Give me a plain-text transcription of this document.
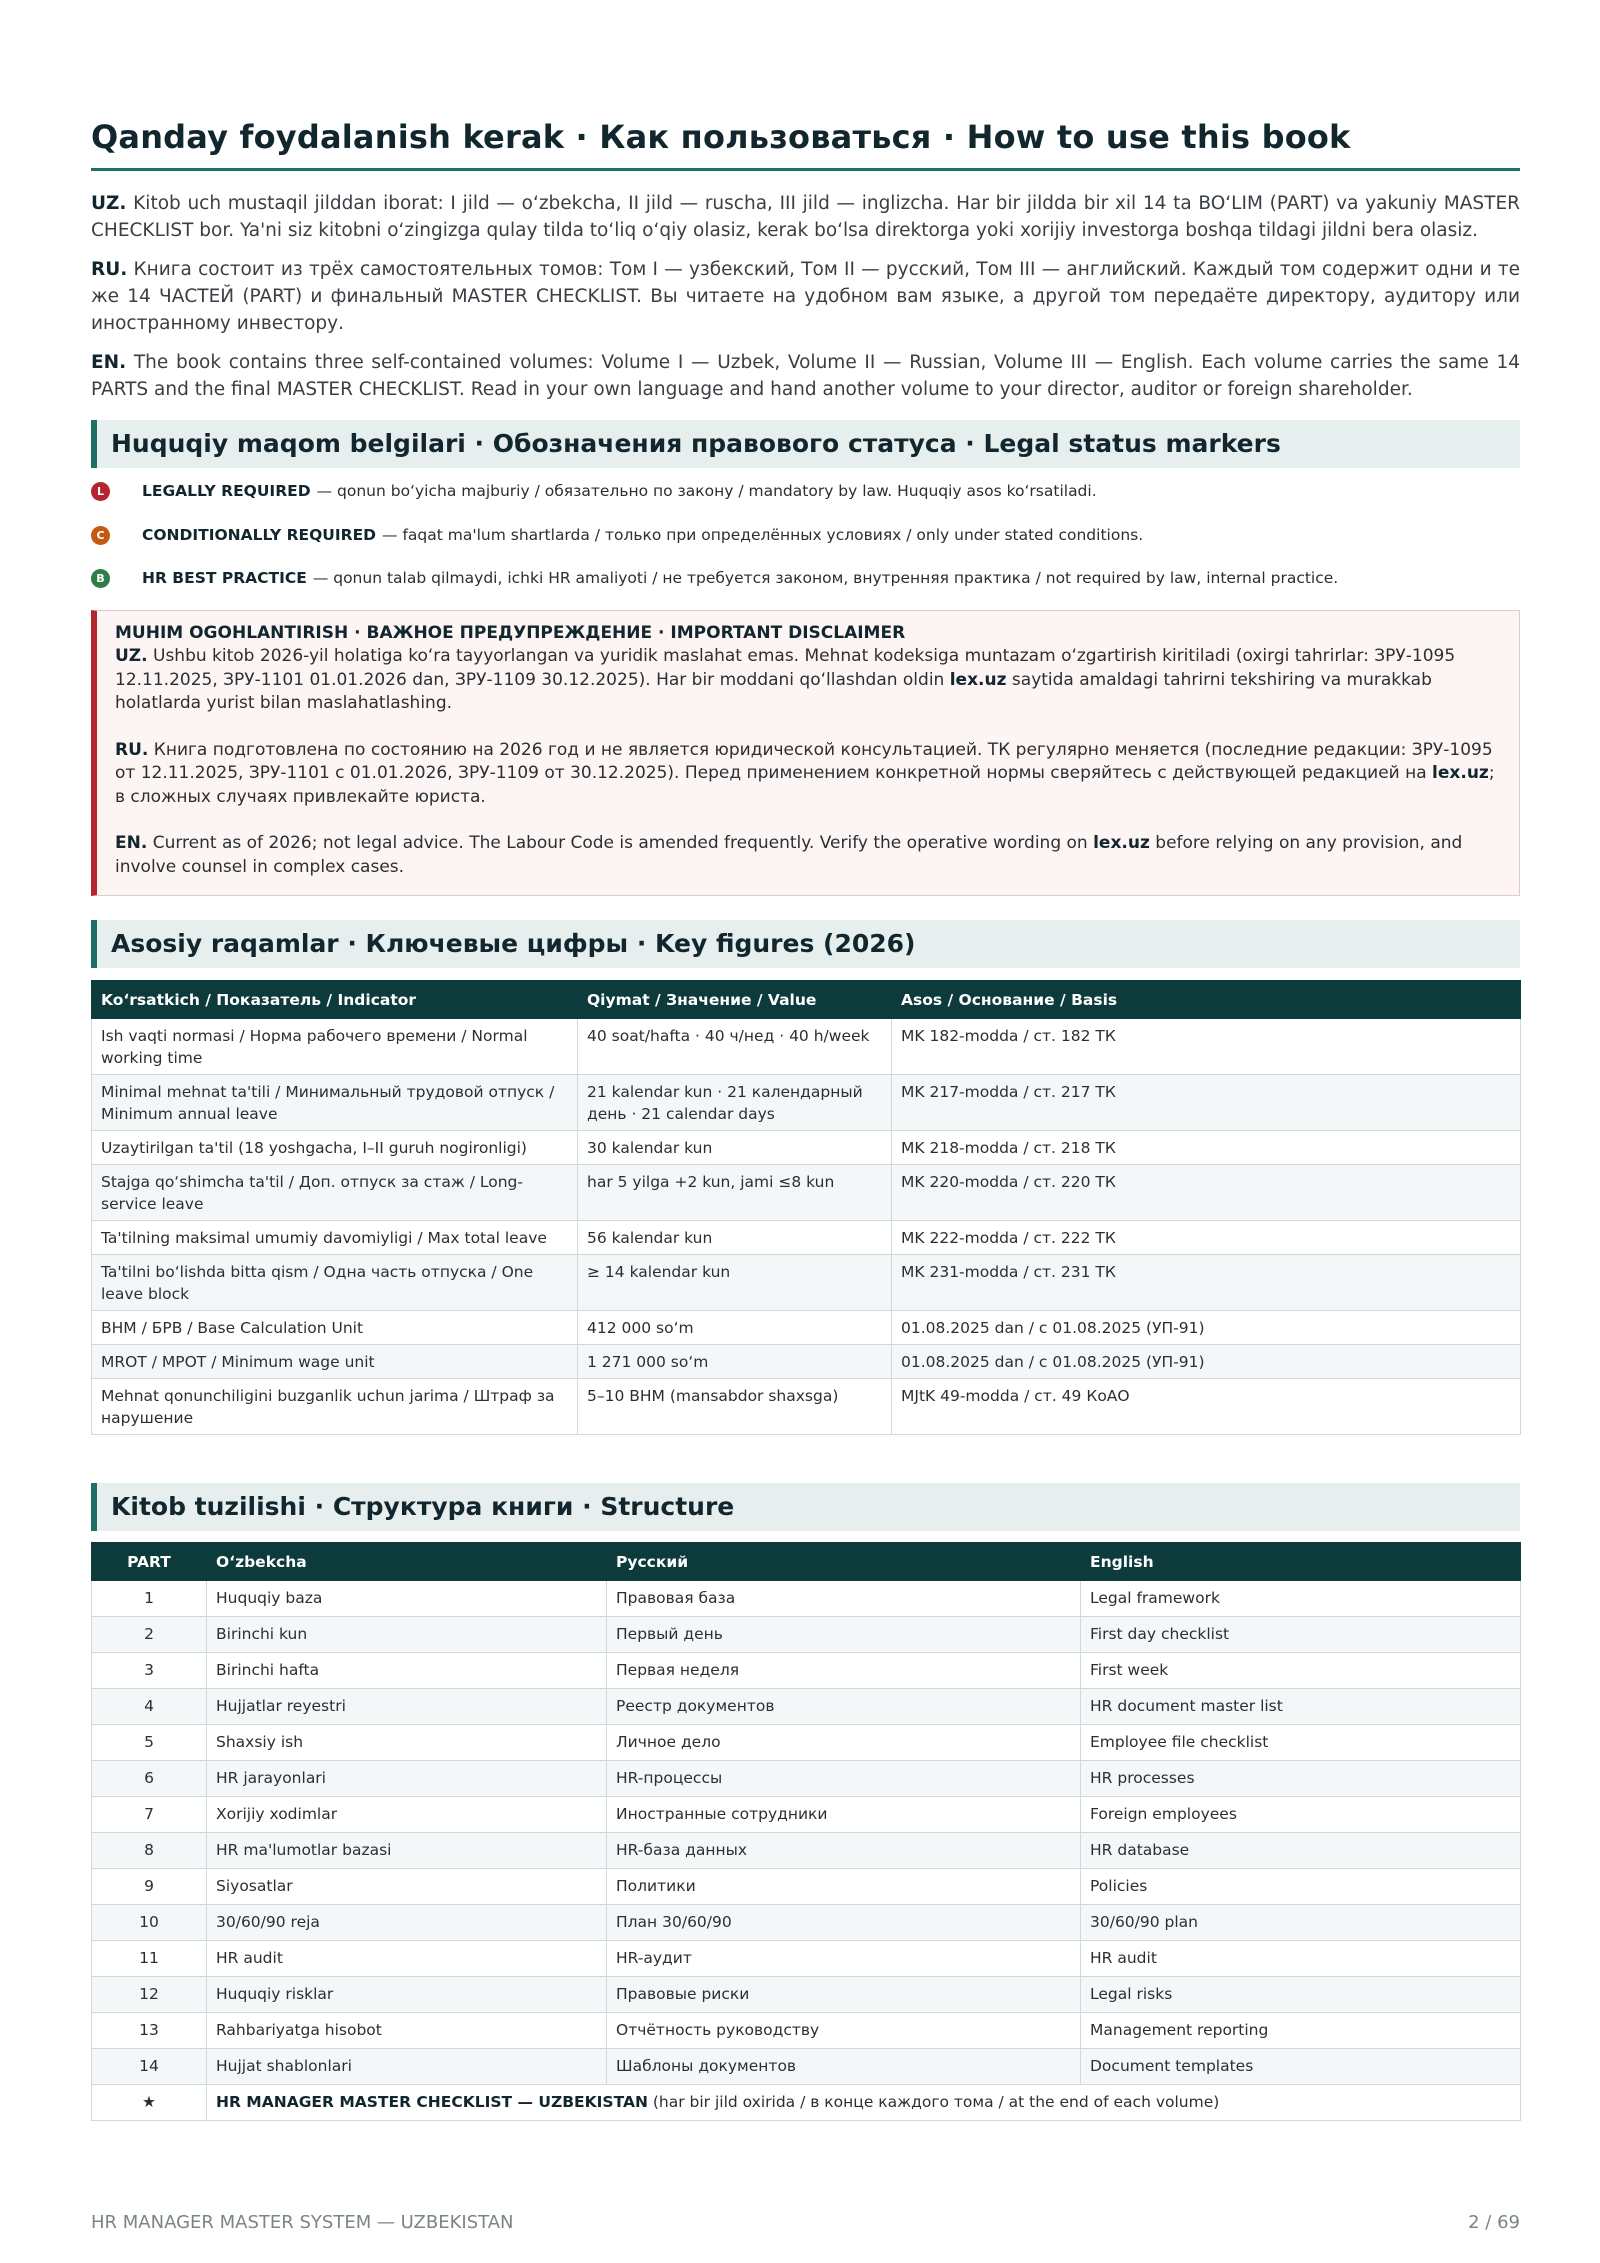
Qanday foydalanish kerak · Как пользоваться · How to use this book

UZ. Kitob uch mustaqil jilddan iborat: I jild — oʻzbekcha, II jild — ruscha, III jild — inglizcha. Har bir jildda bir xil 14 ta BOʻLIM (PART) va yakuniy MASTER CHECKLIST bor. Ya'ni siz kitobni oʻzingizga qulay tilda toʻliq oʻqiy olasiz, kerak boʻlsa direktorga yoki xorijiy investorga boshqa tildagi jildni bera olasiz.

RU. Книга состоит из трёх самостоятельных томов: Том I — узбекский, Том II — русский, Том III — английский. Каждый том содержит одни и те же 14 ЧАСТЕЙ (PART) и финальный MASTER CHECKLIST. Вы читаете на удобном вам языке, а другой том передаёте директору, аудитору или иностранному инвестору.

EN. The book contains three self-contained volumes: Volume I — Uzbek, Volume II — Russian, Volume III — English. Each volume carries the same 14 PARTS and the final MASTER CHECKLIST. Read in your own language and hand another volume to your director, auditor or foreign shareholder.

Huquqiy maqom belgilari · Обозначения правового статуса · Legal status markers
L	LEGALLY REQUIRED — qonun boʻyicha majburiy / обязательно по закону / mandatory by law. Huquqiy asos koʻrsatiladi.
C	CONDITIONALLY REQUIRED — faqat ma'lum shartlarda / только при определённых условиях / only under stated conditions.
B	HR BEST PRACTICE — qonun talab qilmaydi, ichki HR amaliyoti / не требуется законом, внутренняя практика / not required by law, internal practice.
MUHIM OGOHLANTIRISH · ВАЖНОЕ ПРЕДУПРЕЖДЕНИЕ · IMPORTANT DISCLAIMER

UZ. Ushbu kitob 2026-yil holatiga koʻra tayyorlangan va yuridik maslahat emas. Mehnat kodeksiga muntazam oʻzgartirish kiritiladi (oxirgi tahrirlar: ЗРУ-1095 12.11.2025, ЗРУ-1101 01.01.2026 dan, ЗРУ-1109 30.12.2025). Har bir moddani qoʻllashdan oldin lex.uz saytida amaldagi tahrirni tekshiring va murakkab holatlarda yurist bilan maslahatlashing.

RU. Книга подготовлена по состоянию на 2026 год и не является юридической консультацией. ТК регулярно меняется (последние редакции: ЗРУ-1095 от 12.11.2025, ЗРУ-1101 с 01.01.2026, ЗРУ-1109 от 30.12.2025). Перед применением конкретной нормы сверяйтесь с действующей редакцией на lex.uz; в сложных случаях привлекайте юриста.

EN. Current as of 2026; not legal advice. The Labour Code is amended frequently. Verify the operative wording on lex.uz before relying on any provision, and involve counsel in complex cases.

Asosiy raqamlar · Ключевые цифры · Key figures (2026)
Koʻrsatkich / Показатель / Indicator	Qiymat / Значение / Value	Asos / Основание / Basis
Ish vaqti normasi / Норма рабочего времени / Normal working time	40 soat/hafta · 40 ч/нед · 40 h/week	MK 182-modda / ст. 182 ТК
Minimal mehnat ta'tili / Минимальный трудовой отпуск / Minimum annual leave	21 kalendar kun · 21 календарный день · 21 calendar days	MK 217-modda / ст. 217 ТК
Uzaytirilgan ta'til (18 yoshgacha, I–II guruh nogironligi)	30 kalendar kun	MK 218-modda / ст. 218 ТК
Stajga qoʻshimcha ta'til / Доп. отпуск за стаж / Long-service leave	har 5 yilga +2 kun, jami ≤8 kun	MK 220-modda / ст. 220 ТК
Ta'tilning maksimal umumiy davomiyligi / Max total leave	56 kalendar kun	MK 222-modda / ст. 222 ТК
Ta'tilni boʻlishda bitta qism / Одна часть отпуска / One leave block	≥ 14 kalendar kun	MK 231-modda / ст. 231 ТК
BHM / БРВ / Base Calculation Unit	412 000 soʻm	01.08.2025 dan / с 01.08.2025 (УП-91)
MROT / МРОТ / Minimum wage unit	1 271 000 soʻm	01.08.2025 dan / с 01.08.2025 (УП-91)
Mehnat qonunchiligini buzganlik uchun jarima / Штраф за нарушение	5–10 BHM (mansabdor shaxsga)	MJtK 49-modda / ст. 49 КоАО
Kitob tuzilishi · Структура книги · Structure
PART	Oʻzbekcha	Русский	English
1	Huquqiy baza	Правовая база	Legal framework
2	Birinchi kun	Первый день	First day checklist
3	Birinchi hafta	Первая неделя	First week
4	Hujjatlar reyestri	Реестр документов	HR document master list
5	Shaxsiy ish	Личное дело	Employee file checklist
6	HR jarayonlari	HR-процессы	HR processes
7	Xorijiy xodimlar	Иностранные сотрудники	Foreign employees
8	HR ma'lumotlar bazasi	HR-база данных	HR database
9	Siyosatlar	Политики	Policies
10	30/60/90 reja	План 30/60/90	30/60/90 plan
11	HR audit	HR-аудит	HR audit
12	Huquqiy risklar	Правовые риски	Legal risks
13	Rahbariyatga hisobot	Отчётность руководству	Management reporting
14	Hujjat shablonlari	Шаблоны документов	Document templates
★	HR MANAGER MASTER CHECKLIST — UZBEKISTAN (har bir jild oxirida / в конце каждого тома / at the end of each volume)		
HR MANAGER MASTER SYSTEM — UZBEKISTAN	2 / 69
